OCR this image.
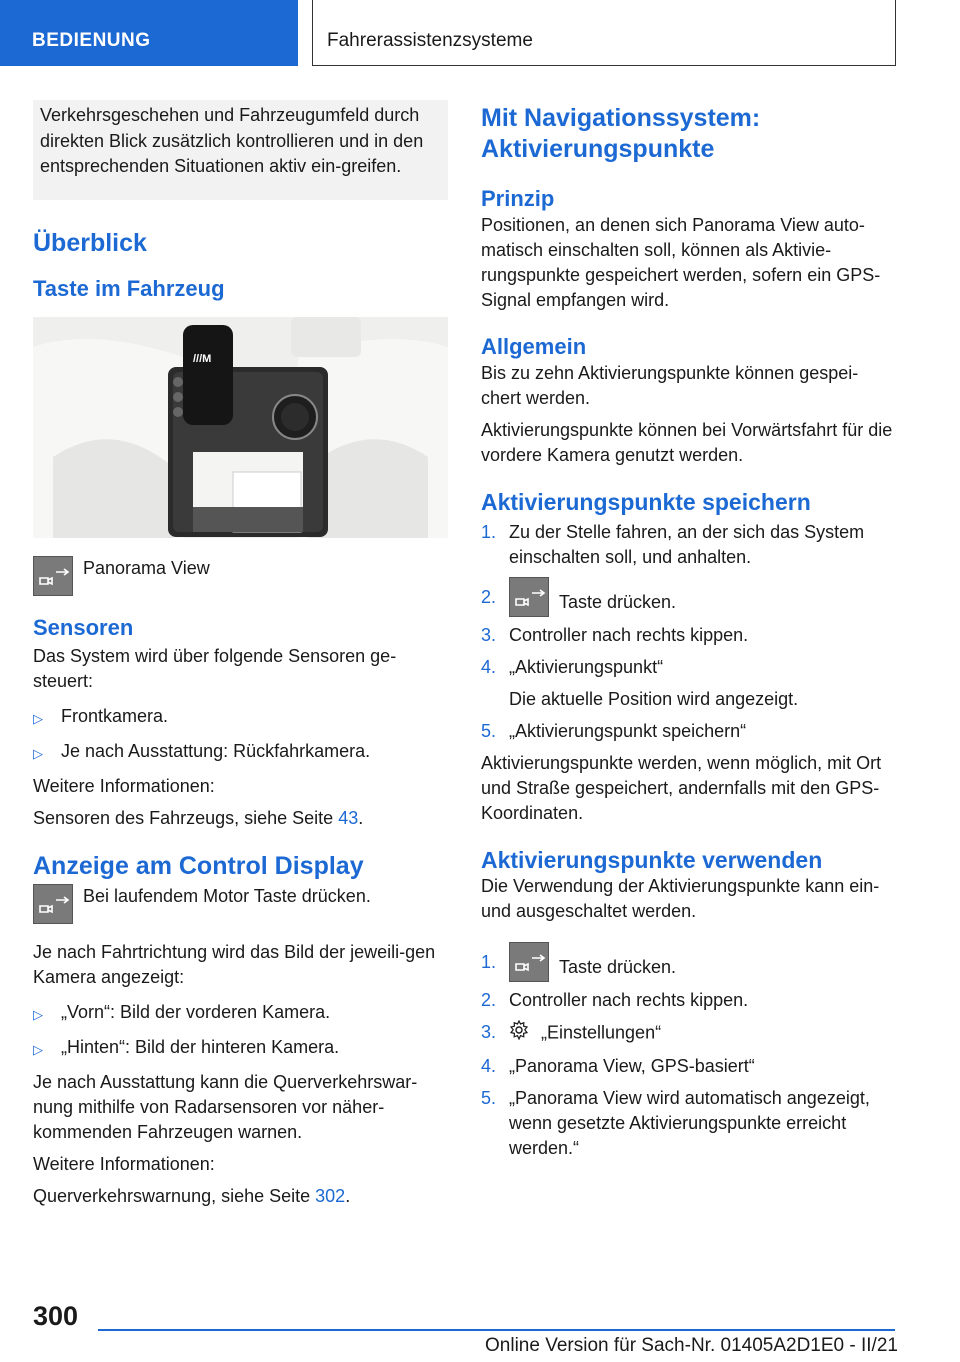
BEDIENUNG	Fahrerassistenzsysteme
Verkehrsgeschehen und Fahrzeugumfeld durch direkten Blick zusätzlich kontrollieren und in den entsprechenden Situationen aktiv ein-greifen.
Überblick
Taste im Fahrzeug
///M
Panorama View
Sensoren
Das System wird über folgende Sensoren ge-steuert:
▷	Frontkamera.
▷	Je nach Ausstattung: Rückfahrkamera.
Weitere Informationen:
Sensoren des Fahrzeugs, siehe Seite 43.
Anzeige am Control Display
Bei laufendem Motor Taste drücken.
Je nach Fahrtrichtung wird das Bild der jeweili-gen Kamera angezeigt:
▷	„Vorn“: Bild der vorderen Kamera.
▷	„Hinten“: Bild der hinteren Kamera.
Je nach Ausstattung kann die Querverkehrswar-nung mithilfe von Radarsensoren vor näher-kommenden Fahrzeugen warnen.
Weitere Informationen:
Querverkehrswarnung, siehe Seite 302.
Mit Navigationssystem: Aktivierungspunkte
Prinzip
Positionen, an denen sich Panorama View auto-matisch einschalten soll, können als Aktivie-rungspunkte gespeichert werden, sofern ein GPS-Signal empfangen wird.
Allgemein
Bis zu zehn Aktivierungspunkte können gespei-chert werden.
Aktivierungspunkte können bei Vorwärtsfahrt für die vordere Kamera genutzt werden.
Aktivierungspunkte speichern
1. Zu der Stelle fahren, an der sich das System einschalten soll, und anhalten.
2.	Taste drücken.
3. Controller nach rechts kippen.
4. „Aktivierungspunkt“
Die aktuelle Position wird angezeigt.
5. „Aktivierungspunkt speichern“
Aktivierungspunkte werden, wenn möglich, mit Ort und Straße gespeichert, andernfalls mit den GPS-Koordinaten.
Aktivierungspunkte verwenden
Die Verwendung der Aktivierungspunkte kann ein- und ausgeschaltet werden.
1.	Taste drücken.
2. Controller nach rechts kippen.
3.	„Einstellungen“
4. „Panorama View, GPS-basiert“
5. „Panorama View wird automatisch angezeigt, wenn gesetzte Aktivierungspunkte erreicht werden.“
300
Online Version für Sach-Nr. 01405A2D1E0 - II/21
